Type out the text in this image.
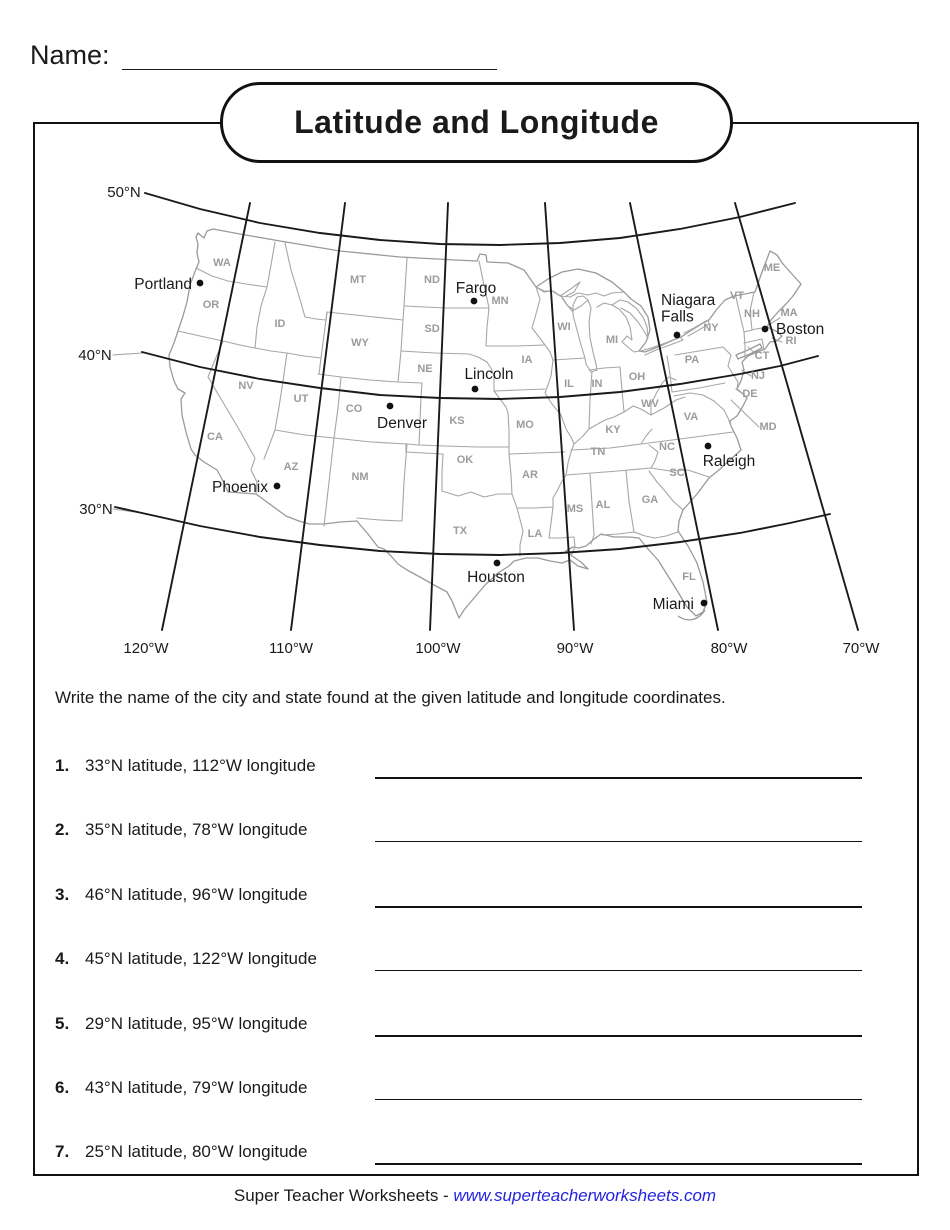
Name:
Latitude and Longitude
WA
OR
ID
MT
WY
NV
UT
CA
AZ
NM
CO
ND
SD
NE
KS
OK
TX
MN
IA
MO
AR
LA
WI
IL IN
MI
OH
KY
TN
MS AL	GA
FL
WV
VA
NC
SC
ME
VT
NH MA
RI
CT
NY
PA
NJ
DE
MD
50°N
40°N
30°N
120°W	110°W	100°W	90°W	80°W	70°W
Portland	Fargo
Lincoln
Denver
Phoenix
Houston
Miami
Boston
Raleigh
Niagara
Falls
Write the name of the city and state found at the given latitude and longitude coordinates.
1. 33°N latitude, 112°W longitude
2. 35°N latitude, 78°W longitude
3. 46°N latitude, 96°W longitude
4. 45°N latitude, 122°W longitude
5. 29°N latitude, 95°W longitude
6. 43°N latitude, 79°W longitude
7. 25°N latitude, 80°W longitude
Super Teacher Worksheets - www.superteacherworksheets.com
